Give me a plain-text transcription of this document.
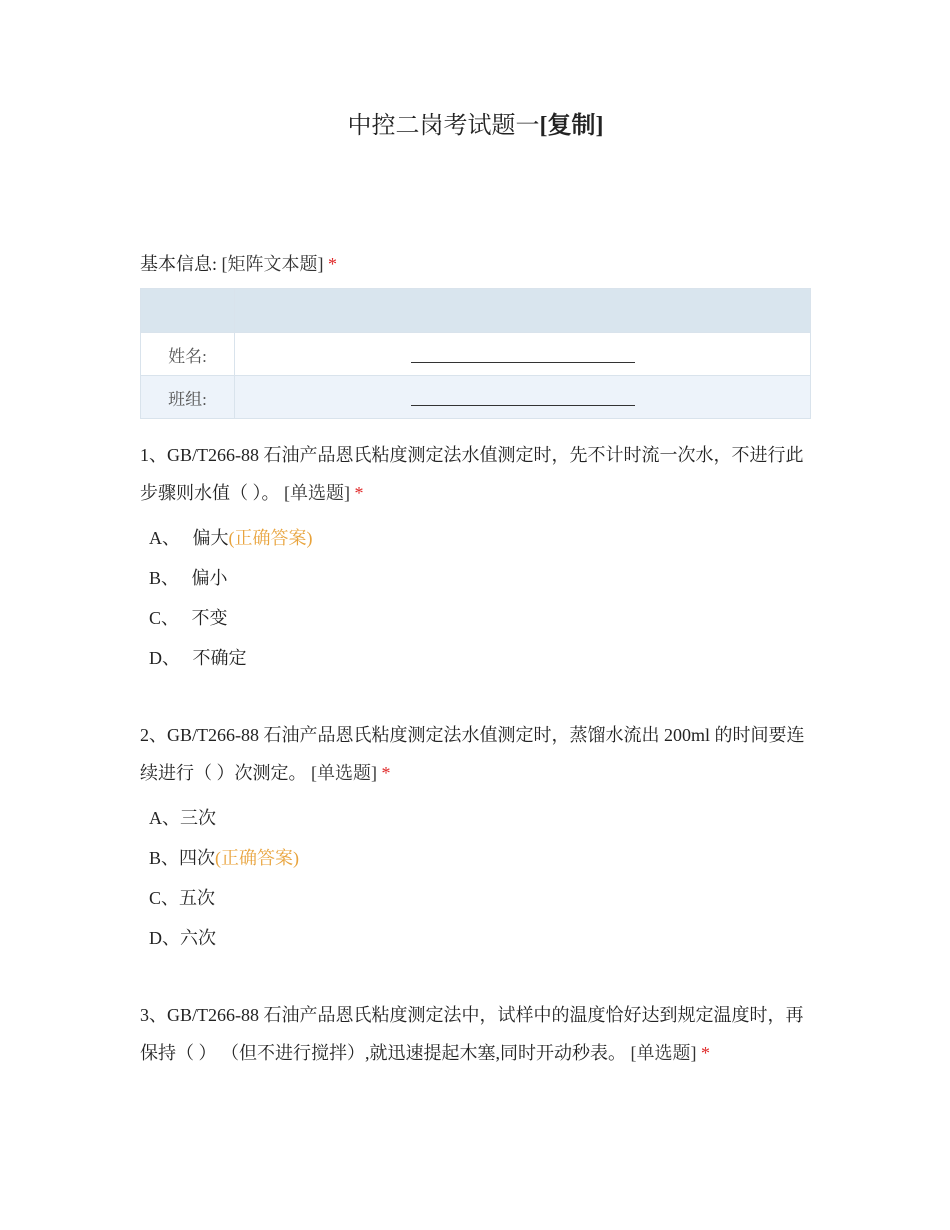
中控二岗考试题一[复制]
基本信息: [矩阵文本题] *

姓名:	
班组:	

1、GB/T266-88 石油产品恩氏粘度测定法水值测定时，先不计时流一次水，不进行此步骤则水值（ ）。 [单选题] *

A、 偏大(正确答案)
B、 偏小
C、 不变
D、 不确定

2、GB/T266-88 石油产品恩氏粘度测定法水值测定时，蒸馏水流出 200ml 的时间要连续进行（ ）次测定。 [单选题] *

A、三次
B、四次(正确答案)
C、五次
D、六次

3、GB/T266-88 石油产品恩氏粘度测定法中，试样中的温度恰好达到规定温度时，再保持（ ） （但不进行搅拌）,就迅速提起木塞,同时开动秒表。 [单选题] *
